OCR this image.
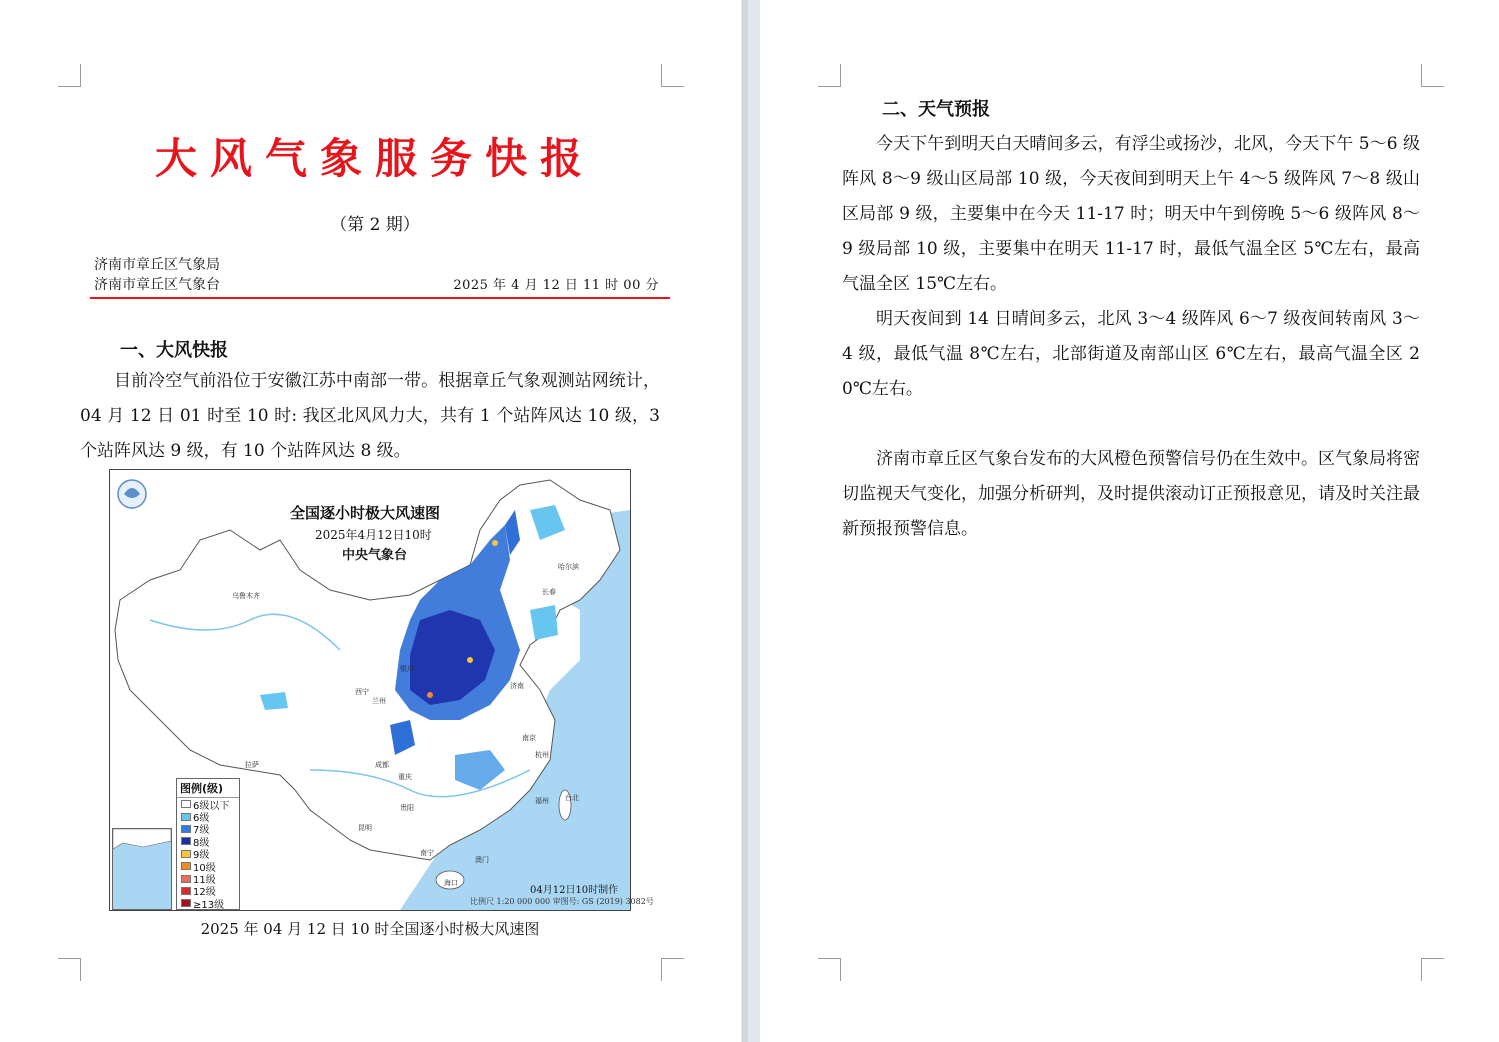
大风气象服务快报
（第 2 期）
济南市章丘区气象局
济南市章丘区气象台	2025 年 4 月 12 日 11 时 00 分
一、大风快报
目前冷空气前沿位于安徽江苏中南部一带。根据章丘气象观测站网统计，04 月 12 日 01 时至 10 时: 我区北风风力大，共有 1 个站阵风达 10 级，3 个站阵风达 9 级，有 10 个站阵风达 8 级。
乌鲁木齐
哈尔滨
长春
西宁
兰州
银川
济南
南京
杭州
成都
重庆
拉萨
贵阳
昆明
南宁
福州 台北
海口
澳门
全国逐小时极大风速图
2025年4月12日10时
中央气象台
图例(级)
6级以下
6级
7级
8级
9级
10级
11级
12级
≥13级
04月12日10时制作
比例尺 1:20 000 000 审图号: GS (2019) 3082号
2025 年 04 月 12 日 10 时全国逐小时极大风速图
二、天气预报
今天下午到明天白天晴间多云，有浮尘或扬沙，北风，今天下午 5～6 级阵风 8～9 级山区局部 10 级，今天夜间到明天上午 4～5 级阵风 7～8 级山区局部 9 级，主要集中在今天 11-17 时；明天中午到傍晚 5～6 级阵风 8～9 级局部 10 级，主要集中在明天 11-17 时，最低气温全区 5℃左右，最高气温全区 15℃左右。
明天夜间到 14 日晴间多云，北风 3～4 级阵风 6～7 级夜间转南风 3～4 级，最低气温 8℃左右，北部街道及南部山区 6℃左右，最高气温全区 20℃左右。
济南市章丘区气象台发布的大风橙色预警信号仍在生效中。区气象局将密切监视天气变化，加强分析研判，及时提供滚动订正预报意见，请及时关注最新预报预警信息。
